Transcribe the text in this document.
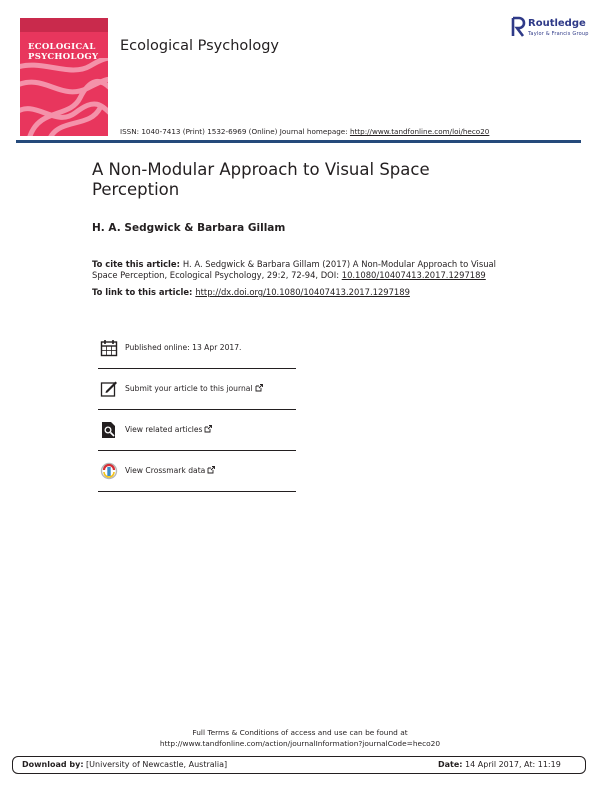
ECOLOGICAL
PSYCHOLOGY
Ecological Psychology
Routledge
Taylor & Francis Group
ISSN: 1040-7413 (Print) 1532-6969 (Online) Journal homepage: http://www.tandfonline.com/loi/heco20
A Non-Modular Approach to Visual Space
Perception
H. A. Sedgwick & Barbara Gillam
To cite this article: H. A. Sedgwick & Barbara Gillam (2017) A Non-Modular Approach to Visual Space Perception, Ecological Psychology, 29:2, 72-94, DOI: 10.1080/10407413.2017.1297189
To link to this article: http://dx.doi.org/10.1080/10407413.2017.1297189
Published online: 13 Apr 2017.
Submit your article to this journal
View related articles
View Crossmark data
Full Terms & Conditions of access and use can be found at
http://www.tandfonline.com/action/journalInformation?journalCode=heco20
Download by: [University of Newcastle, Australia]	Date: 14 April 2017, At: 11:19
